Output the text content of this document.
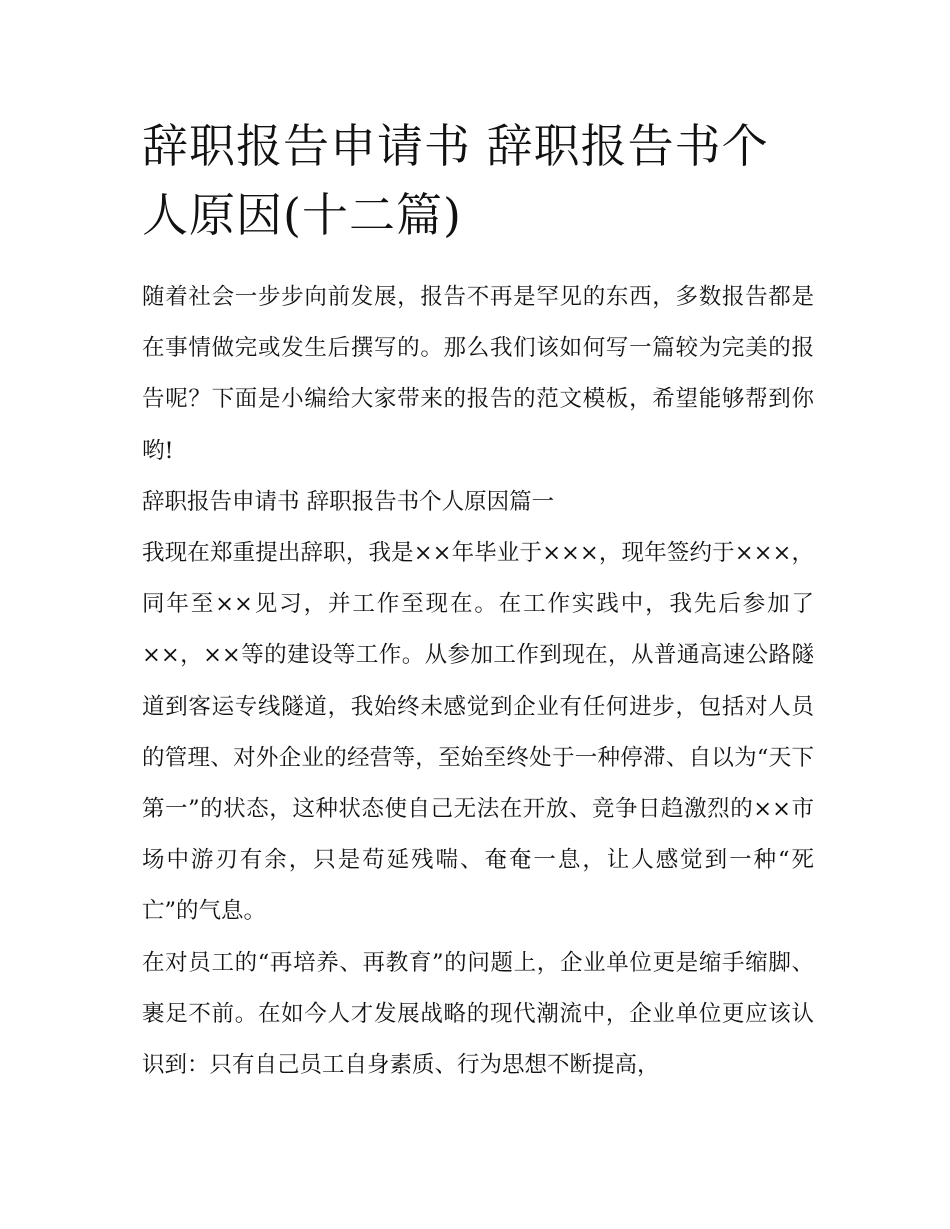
辞职报告申请书 辞职报告书个人原因(十二篇)

随着社会一步步向前发展，报告不再是罕见的东西，多数报告都是在事情做完或发生后撰写的。那么我们该如何写一篇较为完美的报告呢？下面是小编给大家带来的报告的范文模板，希望能够帮到你哟!

辞职报告申请书 辞职报告书个人原因篇一

我现在郑重提出辞职，我是××年毕业于×××，现年签约于×××，同年至××见习，并工作至现在。在工作实践中，我先后参加了××，××等的建设等工作。从参加工作到现在，从普通高速公路隧道到客运专线隧道，我始终未感觉到企业有任何进步，包括对人员的管理、对外企业的经营等，至始至终处于一种停滞、自以为“天下第一”的状态，这种状态使自己无法在开放、竞争日趋激烈的××市场中游刃有余，只是苟延残喘、奄奄一息，让人感觉到一种“死亡”的气息。

在对员工的“再培养、再教育”的问题上，企业单位更是缩手缩脚、裹足不前。在如今人才发展战略的现代潮流中，企业单位更应该认识到：只有自己员工自身素质、行为思想不断提高，
